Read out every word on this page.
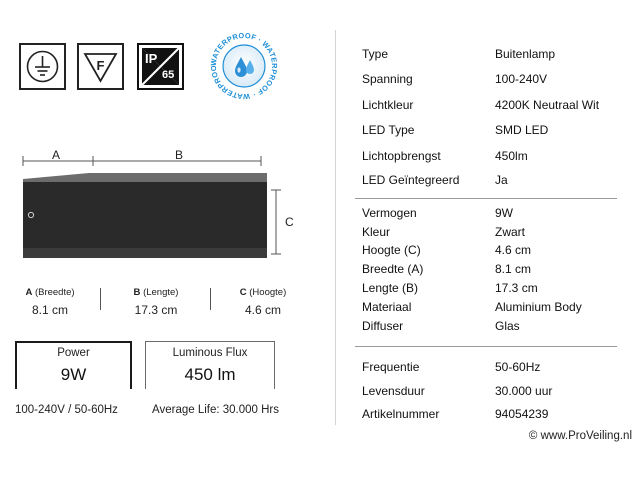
F	IP
65
WATERPROOF · WATERPROOF · WATERPROO
A	B
C
A (Breedte)
8.1 cm
B (Lengte)
17.3 cm
C (Hoogte)
4.6 cm
Power
9W
Luminous Flux
450 lm
100-240V / 50-60Hz	Average Life: 30.000 Hrs
Type	Buitenlamp
Spanning	100-240V
Lichtkleur	4200K Neutraal Wit
LED Type	SMD LED
Lichtopbrengst	450lm
LED Geïntegreerd	Ja
Vermogen	9W
Kleur	Zwart
Hoogte (C)	4.6 cm
Breedte (A)	8.1 cm
Lengte (B)	17.3 cm
Materiaal	Aluminium Body
Diffuser	Glas
Frequentie	50-60Hz
Levensduur	30.000 uur
Artikelnummer	94054239
© www.ProVeiling.nl
